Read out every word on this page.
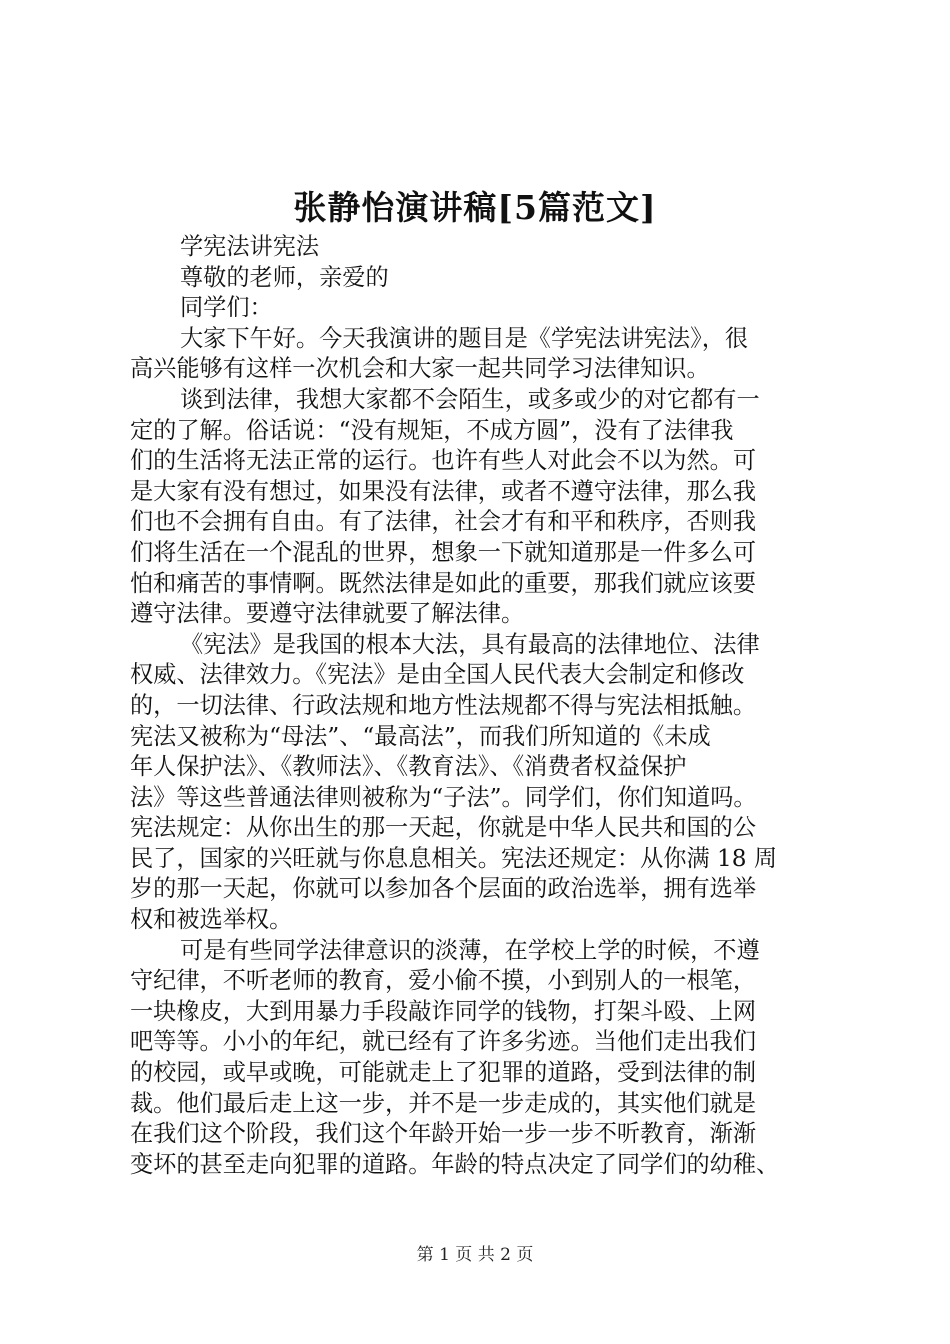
张静怡演讲稿[5篇范文]
学宪法讲宪法
尊敬的老师，亲爱的
同学们：
大家下午好。今天我演讲的题目是《学宪法讲宪法》，很
高兴能够有这样一次机会和大家一起共同学习法律知识。
谈到法律，我想大家都不会陌生，或多或少的对它都有一
定的了解。俗话说：“没有规矩，不成方圆”，没有了法律我
们的生活将无法正常的运行。也许有些人对此会不以为然。可
是大家有没有想过，如果没有法律，或者不遵守法律，那么我
们也不会拥有自由。有了法律，社会才有和平和秩序，否则我
们将生活在一个混乱的世界，想象一下就知道那是一件多么可
怕和痛苦的事情啊。既然法律是如此的重要，那我们就应该要
遵守法律。要遵守法律就要了解法律。
《宪法》是我国的根本大法，具有最高的法律地位、法律
权威、法律效力。《宪法》是由全国人民代表大会制定和修改
的，一切法律、行政法规和地方性法规都不得与宪法相抵触。
宪法又被称为“母法”、“最高法”，而我们所知道的《未成
年人保护法》、《教师法》、《教育法》、《消费者权益保护
法》等这些普通法律则被称为“子法”。同学们，你们知道吗。
宪法规定：从你出生的那一天起，你就是中华人民共和国的公
民了，国家的兴旺就与你息息相关。宪法还规定：从你满 18 周
岁的那一天起，你就可以参加各个层面的政治选举，拥有选举
权和被选举权。
可是有些同学法律意识的淡薄，在学校上学的时候，不遵
守纪律，不听老师的教育，爱小偷不摸，小到别人的一根笔，
一块橡皮，大到用暴力手段敲诈同学的钱物，打架斗殴、上网
吧等等。小小的年纪，就已经有了许多劣迹。当他们走出我们
的校园，或早或晚，可能就走上了犯罪的道路，受到法律的制
裁。他们最后走上这一步，并不是一步走成的，其实他们就是
在我们这个阶段，我们这个年龄开始一步一步不听教育，渐渐
变坏的甚至走向犯罪的道路。年龄的特点决定了同学们的幼稚、
第 1 页 共 2 页
